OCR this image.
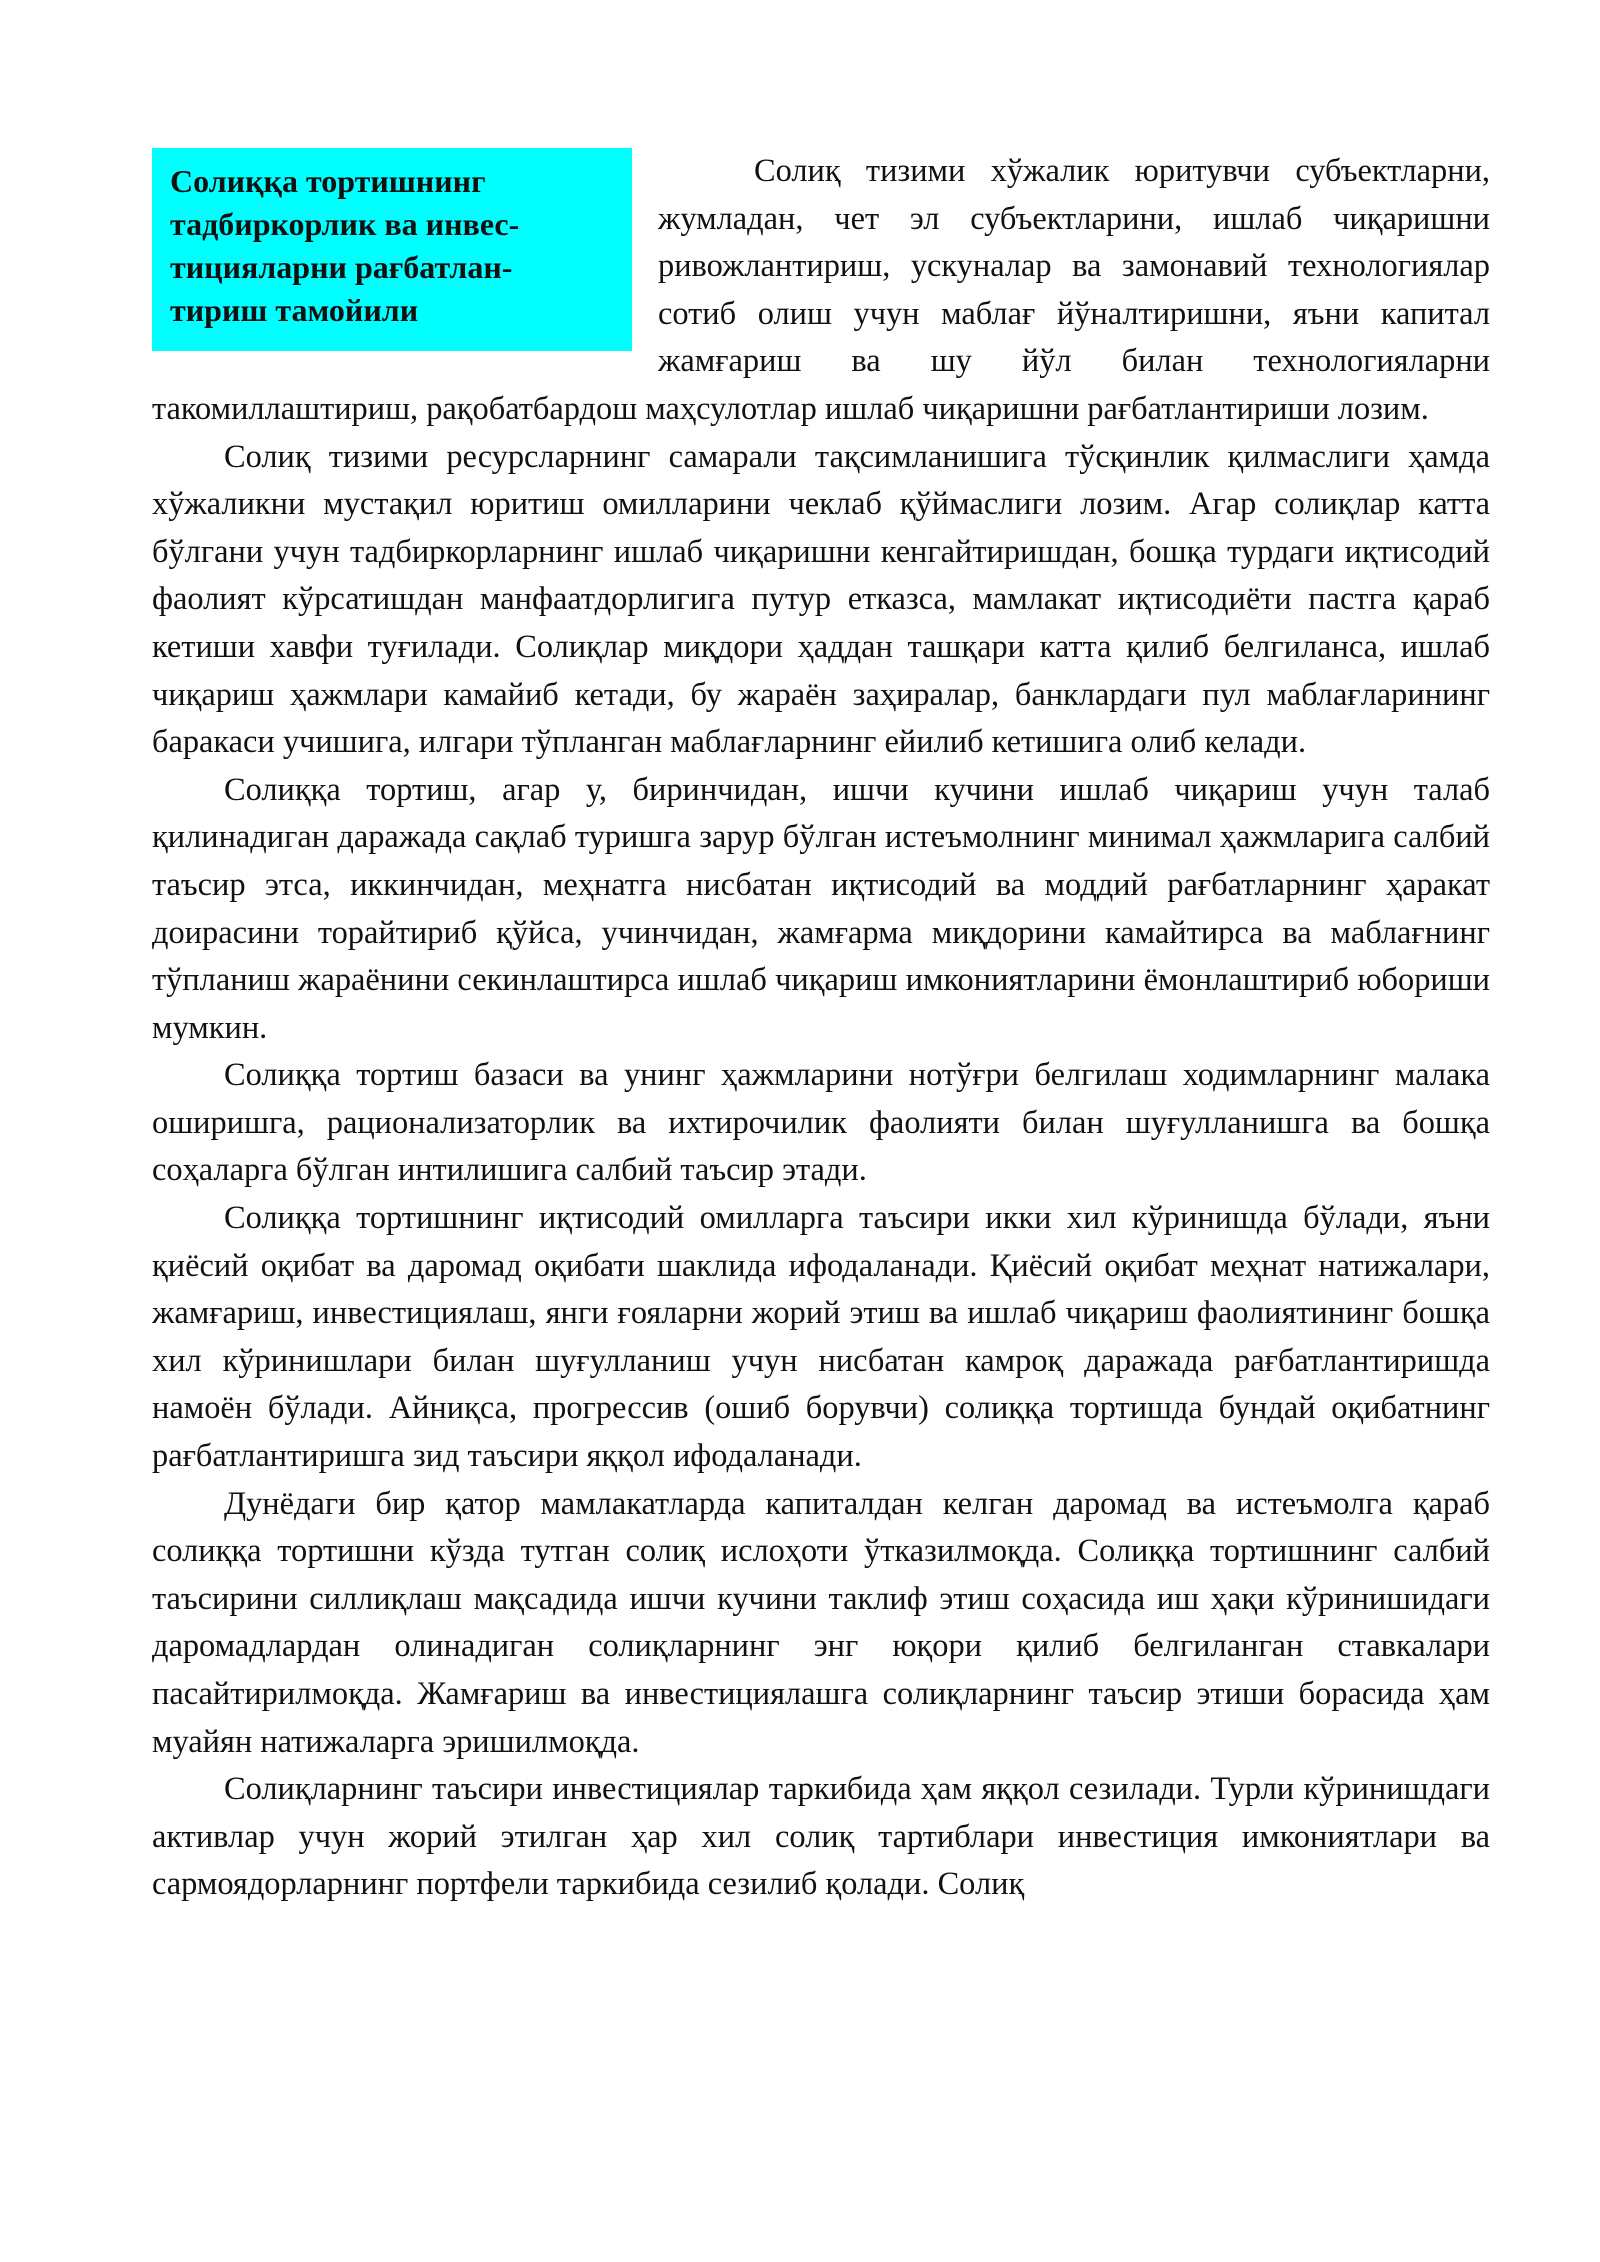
Солиққа тортишнинг
тадбиркорлик ва инвес-
тицияларни рағбатлан-
тириш тамойили

Солиқ тизими хўжалик юритувчи субъектларни, жумладан, чет эл субъектларини, ишлаб чиқаришни ривожлантириш, ускуналар ва замонавий технологиялар сотиб олиш учун маблағ йўналтиришни, яъни капитал жамғариш ва шу йўл билан технологияларни такомиллаштириш, рақобатбардош маҳсулотлар ишлаб чиқаришни рағбатлантириши лозим.

Солиқ тизими ресурсларнинг самарали тақсимланишига тўсқинлик қилмаслиги ҳамда хўжаликни мустақил юритиш омилларини чеклаб қўймаслиги лозим. Агар солиқлар катта бўлгани учун тадбиркорларнинг ишлаб чиқаришни кенгайтиришдан, бошқа турдаги иқтисодий фаолият кўрсатишдан манфаатдорлигига путур етказса, мамлакат иқтисодиёти пастга қараб кетиши хавфи туғилади. Солиқлар миқдори ҳаддан ташқари катта қилиб белгиланса, ишлаб чиқариш ҳажмлари камайиб кетади, бу жараён заҳиралар, банклардаги пул маблағларининг баракаси учишига, илгари тўпланган маблағларнинг ейилиб кетишига олиб келади.

Солиққа тортиш, агар у, биринчидан, ишчи кучини ишлаб чиқариш учун талаб қилинадиган даражада сақлаб туришга зарур бўлган истеъмолнинг минимал ҳажмларига салбий таъсир этса, иккинчидан, меҳнатга нисбатан иқтисодий ва моддий рағбатларнинг ҳаракат доирасини торайтириб қўйса, учинчидан, жамғарма миқдорини камайтирса ва маблағнинг тўпланиш жараёнини секинлаштирса ишлаб чиқариш имкониятларини ёмонлаштириб юбориши мумкин.

Солиққа тортиш базаси ва унинг ҳажмларини нотўғри белгилаш ходимларнинг малака оширишга, рационализаторлик ва ихтирочилик фаолияти билан шуғулланишга ва бошқа соҳаларга бўлган интилишига салбий таъсир этади.

Солиққа тортишнинг иқтисодий омилларга таъсири икки хил кўринишда бўлади, яъни қиёсий оқибат ва даромад оқибати шаклида ифодаланади. Қиёсий оқибат меҳнат натижалари, жамғариш, инвестициялаш, янги ғояларни жорий этиш ва ишлаб чиқариш фаолиятининг бошқа хил кўринишлари билан шуғулланиш учун нисбатан камроқ даражада рағбатлантиришда намоён бўлади. Айниқса, прогрессив (ошиб борувчи) солиққа тортишда бундай оқибатнинг рағбатлантиришга зид таъсири яққол ифодаланади.

Дунёдаги бир қатор мамлакатларда капиталдан келган даромад ва истеъмолга қараб солиққа тортишни кўзда тутган солиқ ислоҳоти ўтказилмоқда. Солиққа тортишнинг салбий таъсирини силлиқлаш мақсадида ишчи кучини таклиф этиш соҳасида иш ҳақи кўринишидаги даромадлардан олинадиган солиқларнинг энг юқори қилиб белгиланган ставкалари пасайтирилмоқда. Жамғариш ва инвестициялашга солиқларнинг таъсир этиши борасида ҳам муайян натижаларга эришилмоқда.

Солиқларнинг таъсири инвестициялар таркибида ҳам яққол сезилади. Турли кўринишдаги активлар учун жорий этилган ҳар хил солиқ тартиблари инвестиция имкониятлари ва сармоядорларнинг портфели таркибида сезилиб қолади. Солиқ
